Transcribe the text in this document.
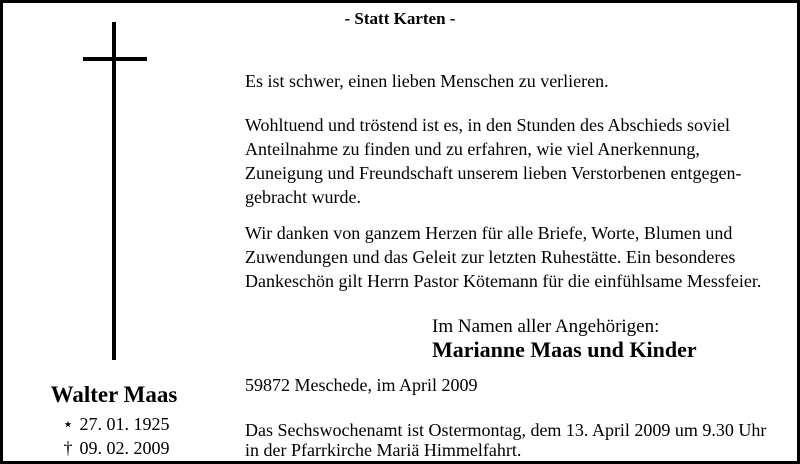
- Statt Karten -
Walter Maas
⋆ 27. 01. 1925
† 09. 02. 2009
Es ist schwer, einen lieben Menschen zu verlieren.
Wohltuend und tröstend ist es, in den Stunden des Abschieds soviel
Anteilnahme zu finden und zu erfahren, wie viel Anerkennung,
Zuneigung und Freundschaft unserem lieben Verstorbenen entgegen-
gebracht wurde.
Wir danken von ganzem Herzen für alle Briefe, Worte, Blumen und
Zuwendungen und das Geleit zur letzten Ruhestätte. Ein besonderes
Dankeschön gilt Herrn Pastor Kötemann für die einfühlsame Messfeier.
Im Namen aller Angehörigen:
Marianne Maas und Kinder
59872 Meschede, im April 2009
Das Sechswochenamt ist Ostermontag, dem 13. April 2009 um 9.30 Uhr
in der Pfarrkirche Mariä Himmelfahrt.
